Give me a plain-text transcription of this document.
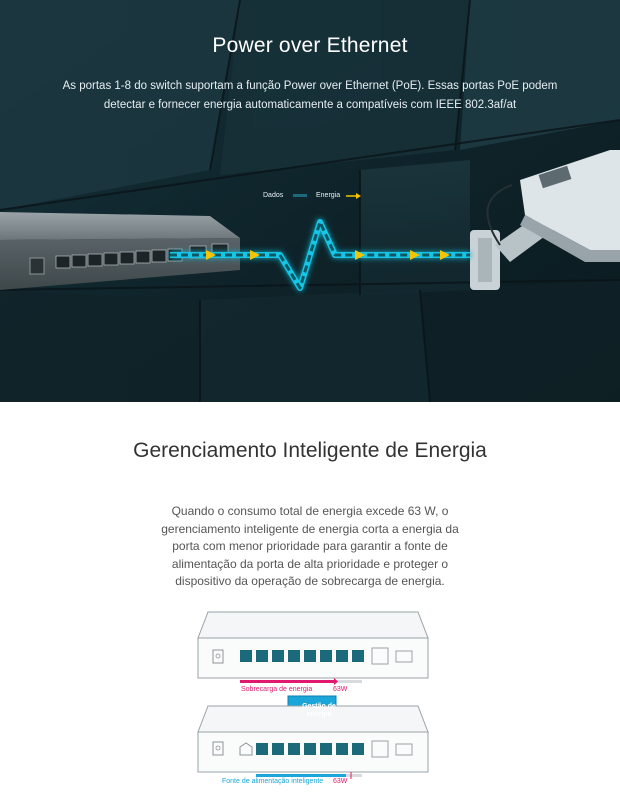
Power over Ethernet
As portas 1-8 do switch suportam a função Power over Ethernet (PoE). Essas portas PoE podem detectar e fornecer energia automaticamente a compatíveis com IEEE 802.3af/at
Dados	Energia
Gerenciamento Inteligente de Energia
Quando o consumo total de energia excede 63 W, o gerenciamento inteligente de energia corta a energia da porta com menor prioridade para garantir a fonte de alimentação da porta de alta prioridade e proteger o dispositivo da operação de sobrecarga de energia.
Sobrecarga de energia	63W
Gestão de energia
Fonte de alimentação inteligente 63W
